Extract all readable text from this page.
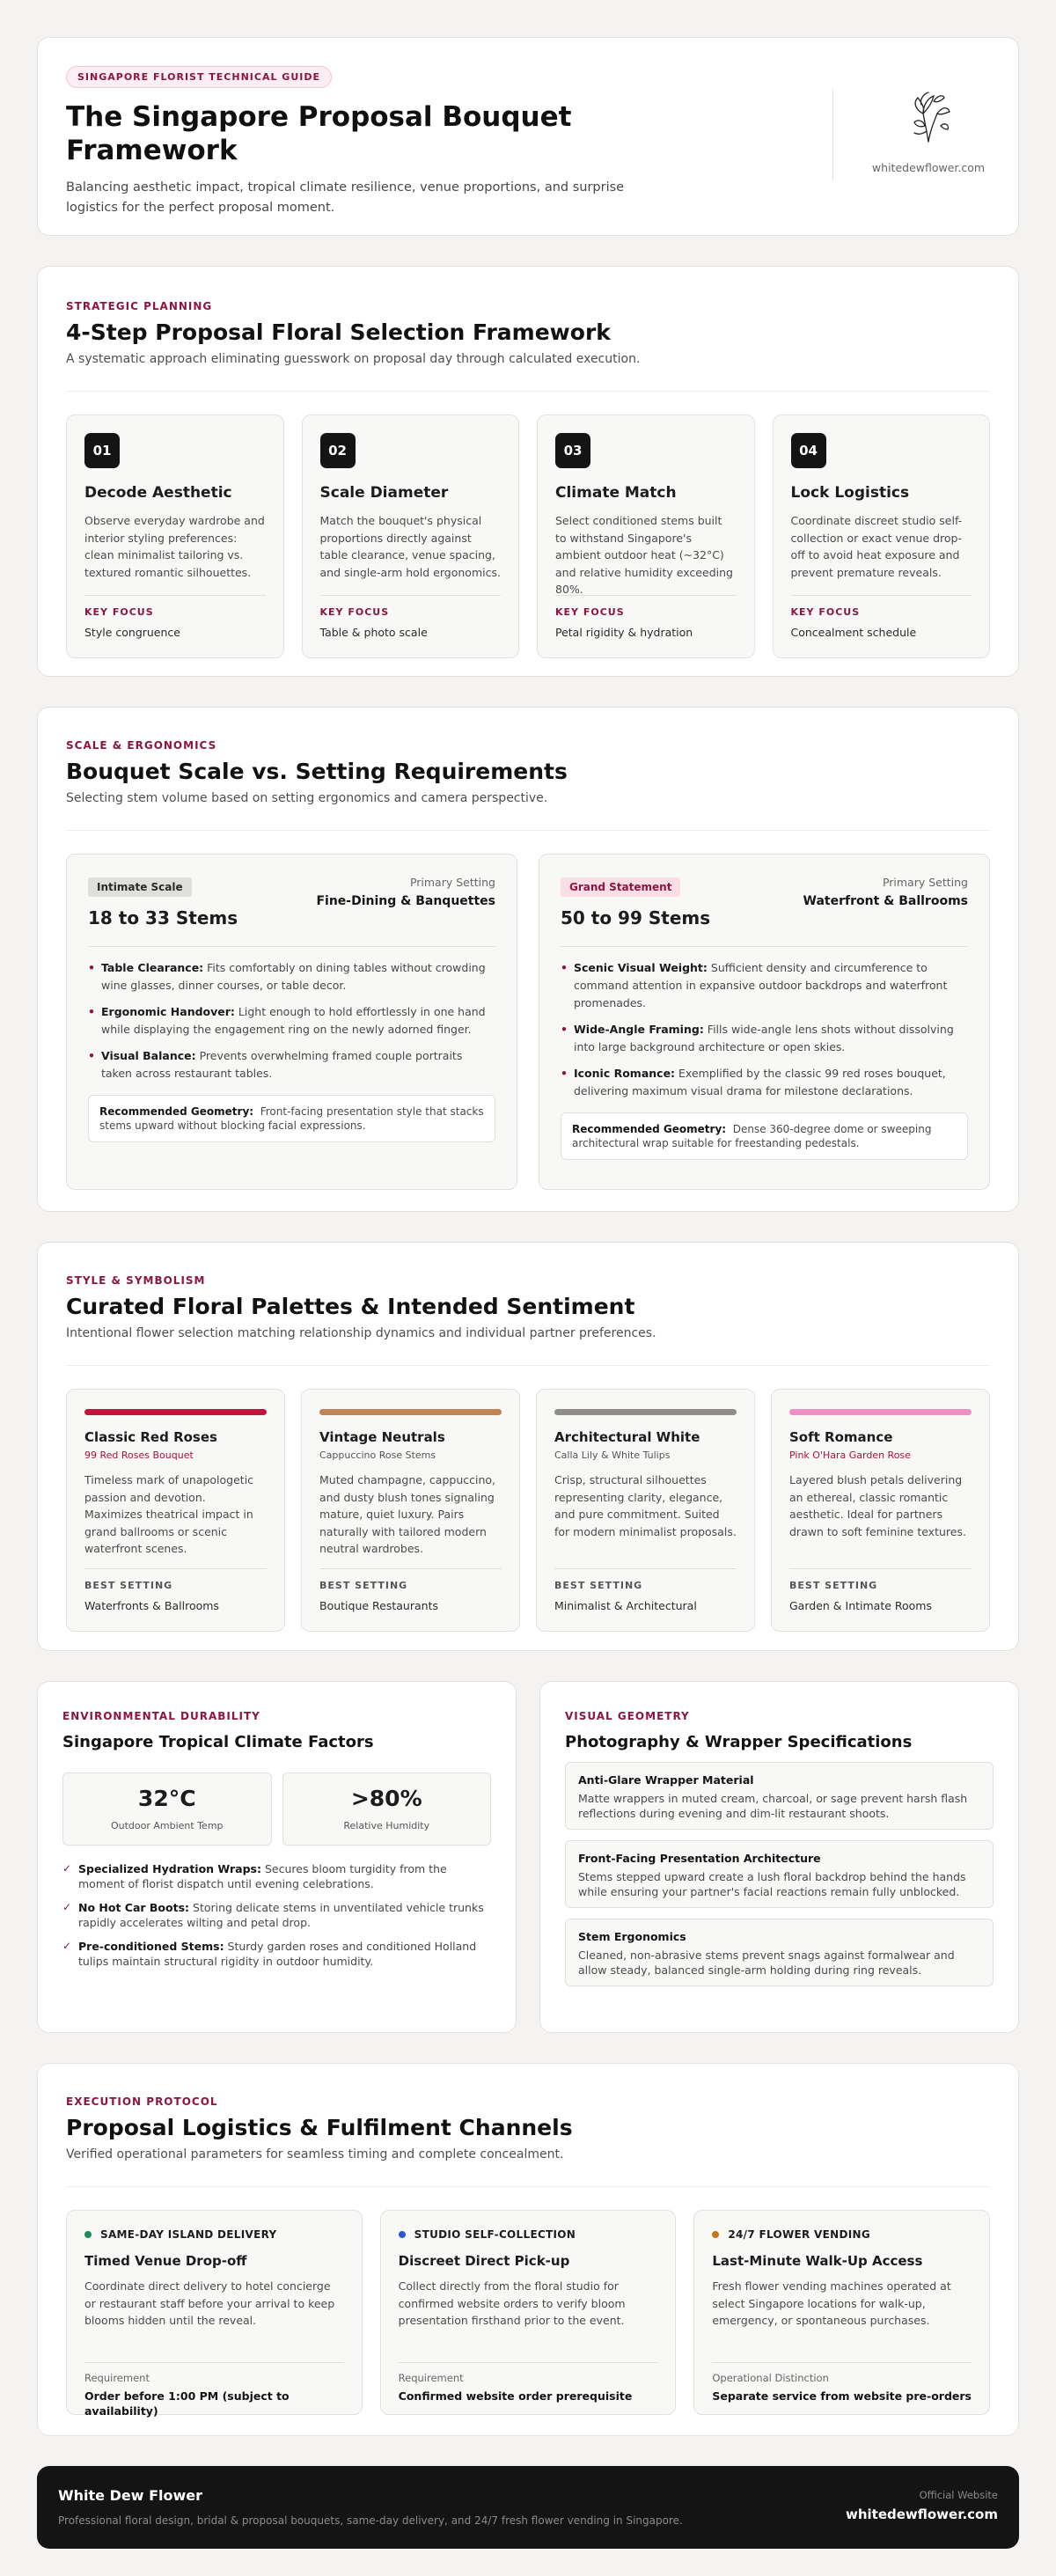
SINGAPORE FLORIST TECHNICAL GUIDE
The Singapore Proposal Bouquet Framework

Balancing aesthetic impact, tropical climate resilience, venue proportions, and surprise logistics for the perfect proposal moment.

whitedewflower.com
STRATEGIC PLANNING
4-Step Proposal Floral Selection Framework

A systematic approach eliminating guesswork on proposal day through calculated execution.

01
Decode Aesthetic
Observe everyday wardrobe and interior styling preferences: clean minimalist tailoring vs. textured romantic silhouettes.
KEY FOCUS
Style congruence
02
Scale Diameter
Match the bouquet's physical proportions directly against table clearance, venue spacing, and single-arm hold ergonomics.
KEY FOCUS
Table & photo scale
03
Climate Match
Select conditioned stems built to withstand Singapore's ambient outdoor heat (~32°C) and relative humidity exceeding 80%.
KEY FOCUS
Petal rigidity & hydration
04
Lock Logistics
Coordinate discreet studio self-collection or exact venue drop-off to avoid heat exposure and prevent premature reveals.
KEY FOCUS
Concealment schedule
SCALE & ERGONOMICS
Bouquet Scale vs. Setting Requirements

Selecting stem volume based on setting ergonomics and camera perspective.

Intimate Scale
18 to 33 Stems
Primary Setting
Fine-Dining & Banquettes
• Table Clearance: Fits comfortably on dining tables without crowding wine glasses, dinner courses, or table decor.
• Ergonomic Handover: Light enough to hold effortlessly in one hand while displaying the engagement ring on the newly adorned finger.
• Visual Balance: Prevents overwhelming framed couple portraits taken across restaurant tables.
Recommended Geometry: Front-facing presentation style that stacks stems upward without blocking facial expressions.
Grand Statement
50 to 99 Stems
Primary Setting
Waterfront & Ballrooms
• Scenic Visual Weight: Sufficient density and circumference to command attention in expansive outdoor backdrops and waterfront promenades.
• Wide-Angle Framing: Fills wide-angle lens shots without dissolving into large background architecture or open skies.
• Iconic Romance: Exemplified by the classic 99 red roses bouquet, delivering maximum visual drama for milestone declarations.
Recommended Geometry: Dense 360-degree dome or sweeping architectural wrap suitable for freestanding pedestals.
STYLE & SYMBOLISM
Curated Floral Palettes & Intended Sentiment

Intentional flower selection matching relationship dynamics and individual partner preferences.

Classic Red Roses
99 Red Roses Bouquet
Timeless mark of unapologetic passion and devotion. Maximizes theatrical impact in grand ballrooms or scenic waterfront scenes.
BEST SETTING
Waterfronts & Ballrooms
Vintage Neutrals
Cappuccino Rose Stems
Muted champagne, cappuccino, and dusty blush tones signaling mature, quiet luxury. Pairs naturally with tailored modern neutral wardrobes.
BEST SETTING
Boutique Restaurants
Architectural White
Calla Lily & White Tulips
Crisp, structural silhouettes representing clarity, elegance, and pure commitment. Suited for modern minimalist proposals.
BEST SETTING
Minimalist & Architectural
Soft Romance
Pink O'Hara Garden Rose
Layered blush petals delivering an ethereal, classic romantic aesthetic. Ideal for partners drawn to soft feminine textures.
BEST SETTING
Garden & Intimate Rooms
ENVIRONMENTAL DURABILITY
Singapore Tropical Climate Factors
32°C
Outdoor Ambient Temp
>80%
Relative Humidity
✓ Specialized Hydration Wraps: Secures bloom turgidity from the moment of florist dispatch until evening celebrations.
✓ No Hot Car Boots: Storing delicate stems in unventilated vehicle trunks rapidly accelerates wilting and petal drop.
✓ Pre-conditioned Stems: Sturdy garden roses and conditioned Holland tulips maintain structural rigidity in outdoor humidity.
VISUAL GEOMETRY
Photography & Wrapper Specifications
Anti-Glare Wrapper Material
Matte wrappers in muted cream, charcoal, or sage prevent harsh flash reflections during evening and dim-lit restaurant shoots.
Front-Facing Presentation Architecture
Stems stepped upward create a lush floral backdrop behind the hands while ensuring your partner's facial reactions remain fully unblocked.
Stem Ergonomics
Cleaned, non-abrasive stems prevent snags against formalwear and allow steady, balanced single-arm holding during ring reveals.
EXECUTION PROTOCOL
Proposal Logistics & Fulfilment Channels

Verified operational parameters for seamless timing and complete concealment.

SAME-DAY ISLAND DELIVERY
Timed Venue Drop-off
Coordinate direct delivery to hotel concierge or restaurant staff before your arrival to keep blooms hidden until the reveal.
Requirement
Order before 1:00 PM (subject to availability)
STUDIO SELF-COLLECTION
Discreet Direct Pick-up
Collect directly from the floral studio for confirmed website orders to verify bloom presentation firsthand prior to the event.
Requirement
Confirmed website order prerequisite
24/7 FLOWER VENDING
Last-Minute Walk-Up Access
Fresh flower vending machines operated at select Singapore locations for walk-up, emergency, or spontaneous purchases.
Operational Distinction
Separate service from website pre-orders
White Dew Flower
Professional floral design, bridal & proposal bouquets, same-day delivery, and 24/7 fresh flower vending in Singapore.
Official Website
whitedewflower.com
